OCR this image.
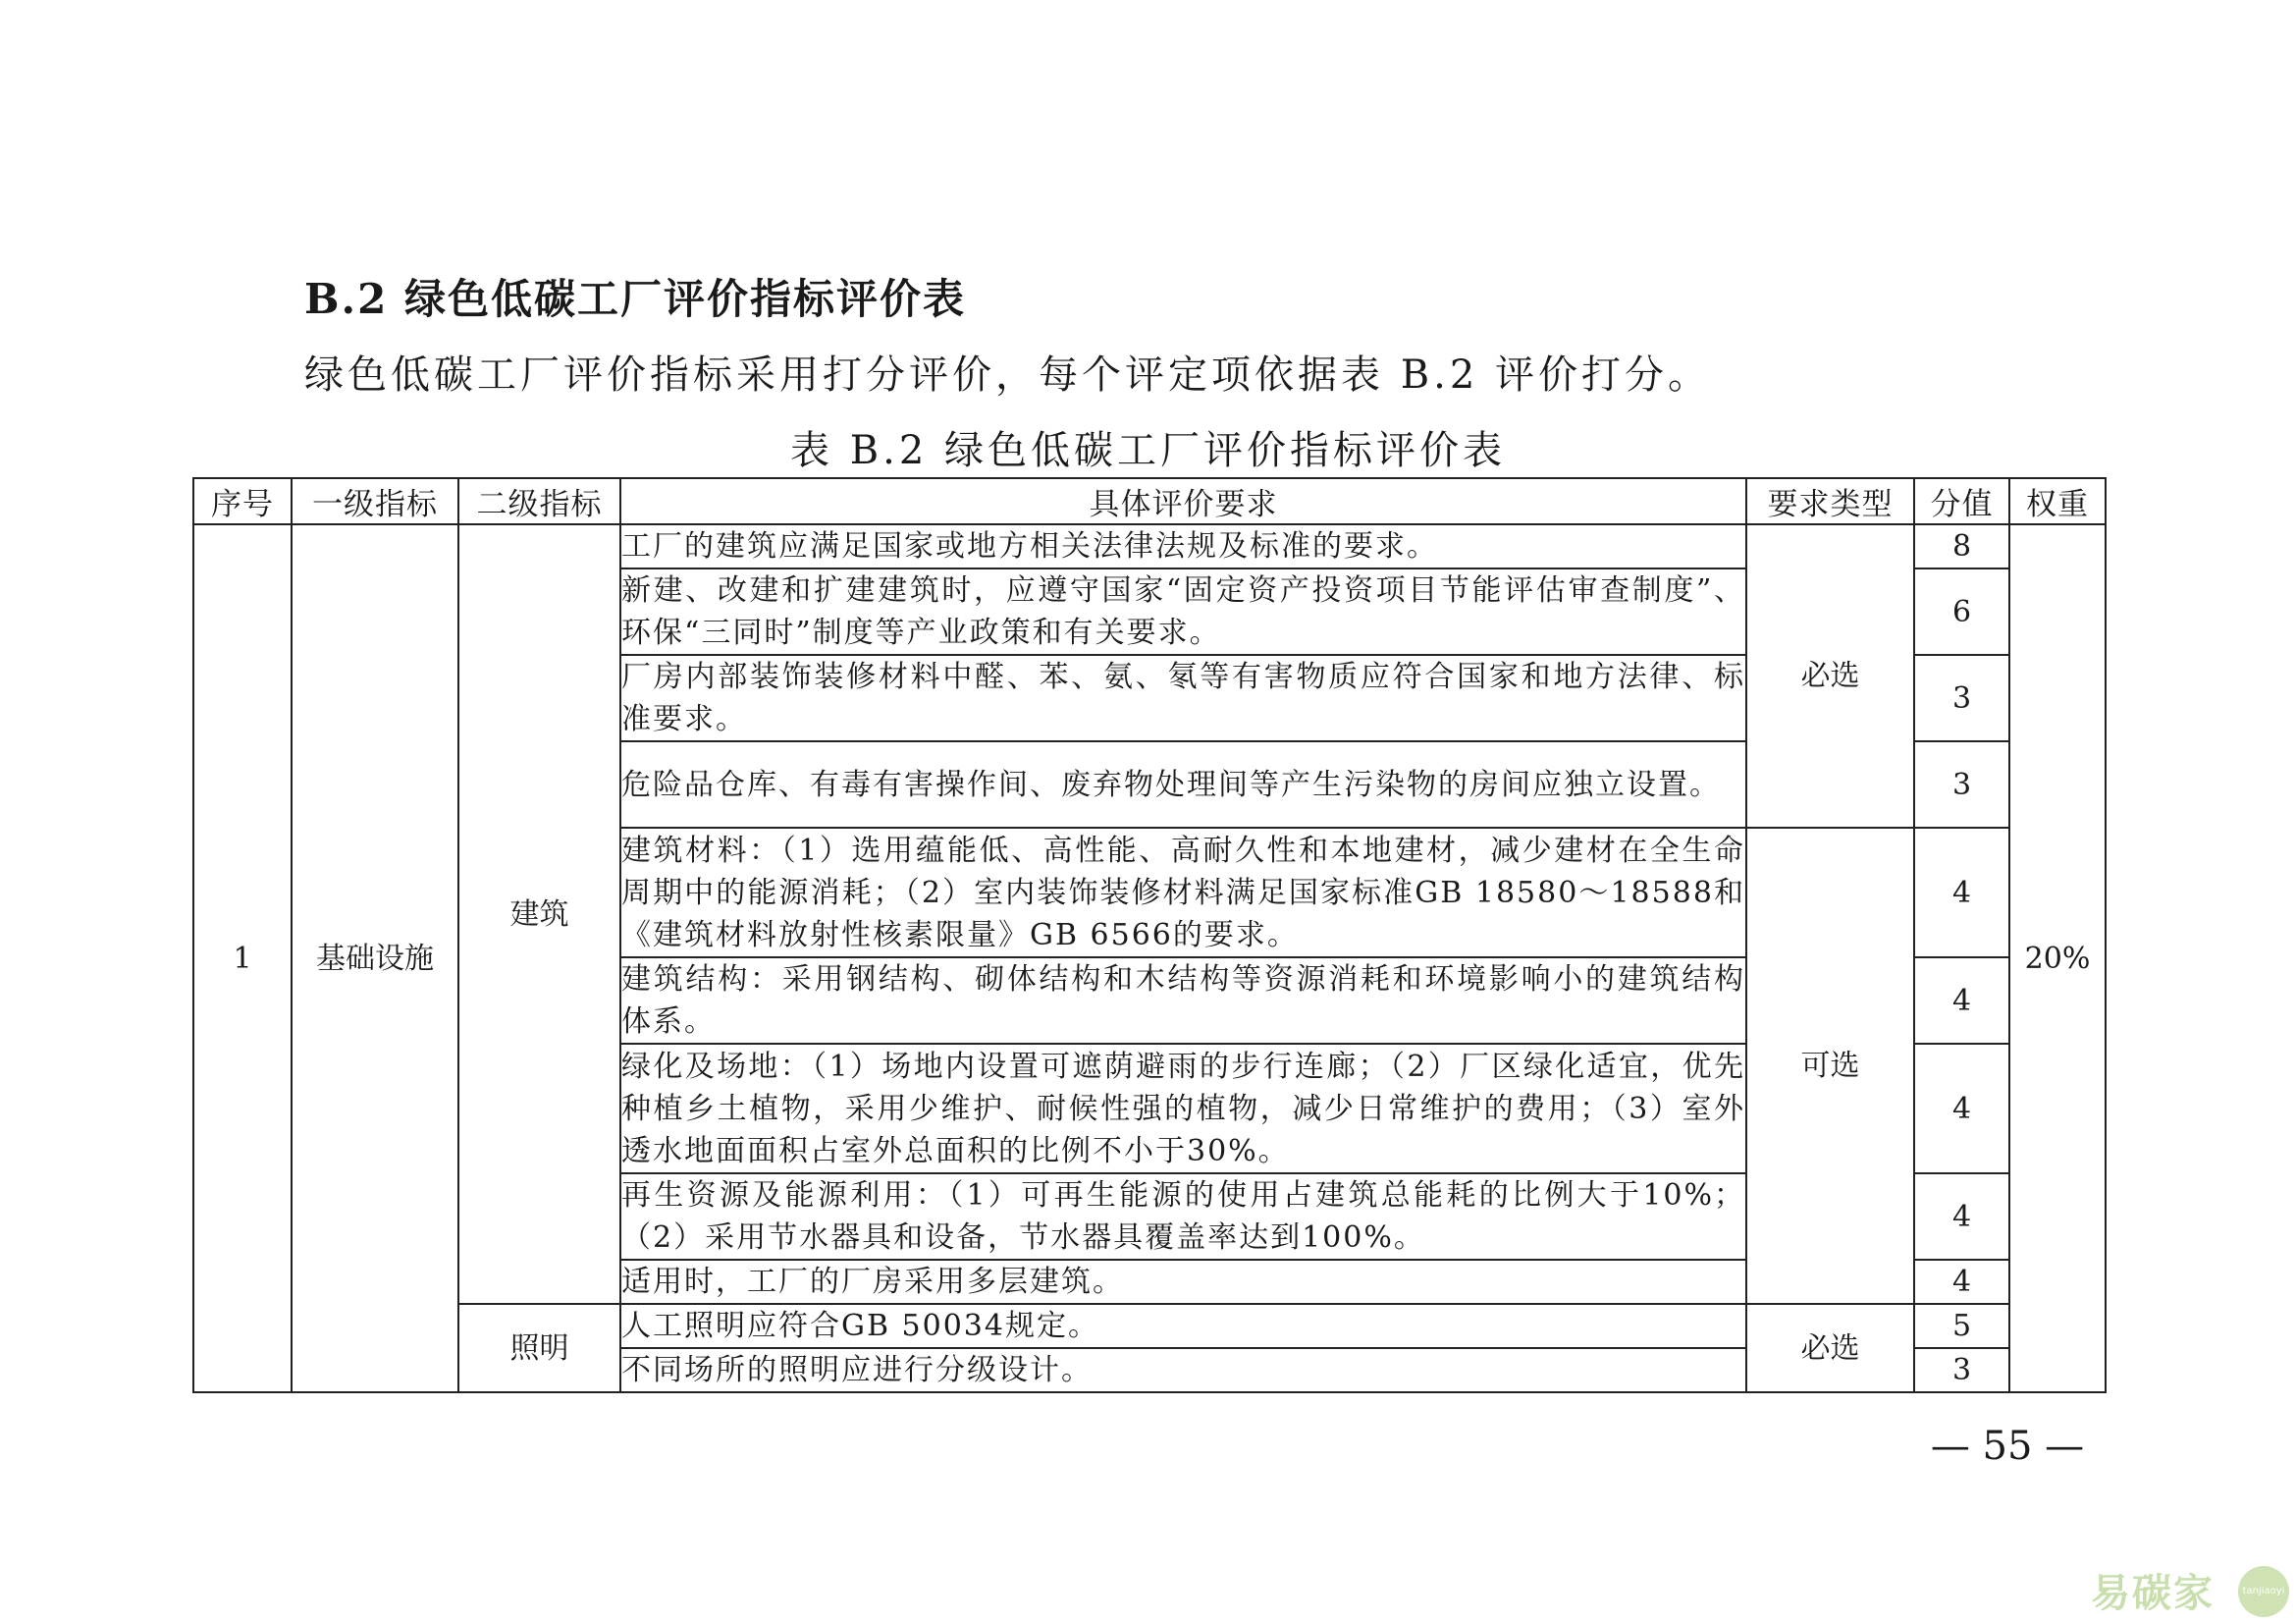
B.2 绿色低碳工厂评价指标评价表
绿色低碳工厂评价指标采用打分评价，每个评定项依据表 B.2 评价打分。
表 B.2 绿色低碳工厂评价指标评价表
序号	一级指标	二级指标	具体评价要求	要求类型	分值	权重
1	基础设施	建筑	工厂的建筑应满足国家或地方相关法律法规及标准的要求。	必选	8	20%
			新建、改建和扩建建筑时，应遵守国家“固定资产投资项目节能评估审查制度”、环保“三同时”制度等产业政策和有关要求。		6	
			厂房内部装饰装修材料中醛、苯、氨、氡等有害物质应符合国家和地方法律、标准要求。		3	
			危险品仓库、有毒有害操作间、废弃物处理间等产生污染物的房间应独立设置。		3	
			建筑材料：（1）选用蕴能低、高性能、高耐久性和本地建材，减少建材在全生命周期中的能源消耗；（2）室内装饰装修材料满足国家标准GB 18580～18588和《建筑材料放射性核素限量》GB 6566的要求。	可选	4	
			建筑结构：采用钢结构、砌体结构和木结构等资源消耗和环境影响小的建筑结构体系。		4	
			绿化及场地：（1）场地内设置可遮荫避雨的步行连廊；（2）厂区绿化适宜，优先种植乡土植物，采用少维护、耐候性强的植物，减少日常维护的费用；（3）室外透水地面面积占室外总面积的比例不小于30%。		4	
			再生资源及能源利用：（1）可再生能源的使用占建筑总能耗的比例大于10%；（2）采用节水器具和设备，节水器具覆盖率达到100%。		4	
			适用时，工厂的厂房采用多层建筑。		4	
		照明	人工照明应符合GB 50034规定。	必选	5	
			不同场所的照明应进行分级设计。		3	
— 55 —
易碳家	tanjiaoyi
